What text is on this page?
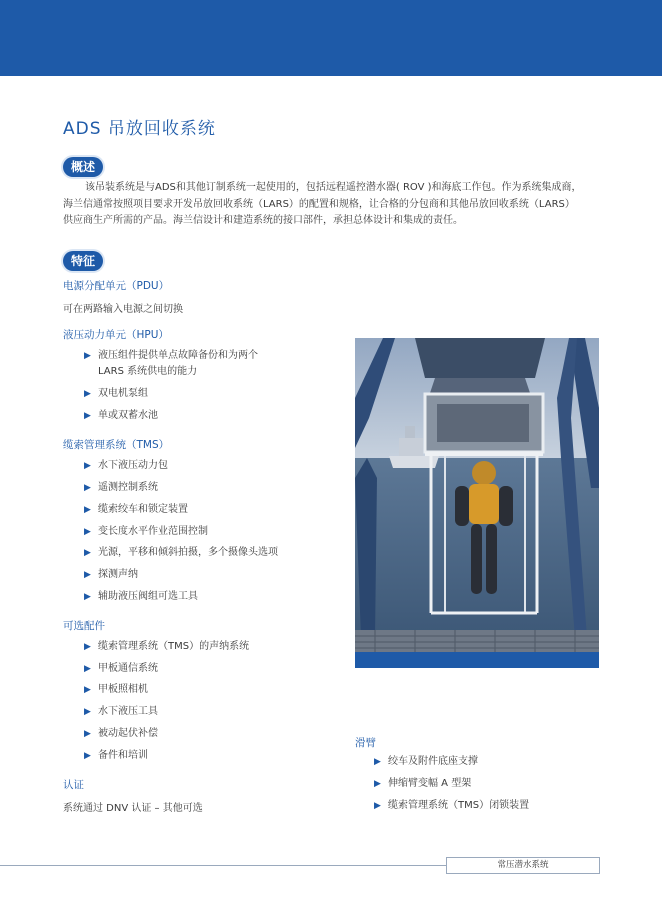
ADS 吊放回收系统
概述
该吊装系统是与ADS和其他订制系统一起使用的，包括远程遥控潜水器( ROV )和海底工作包。作为系统集成商，
海兰信通常按照项目要求开发吊放回收系统（LARS）的配置和规格，让合格的分包商和其他吊放回收系统（LARS）
供应商生产所需的产品。海兰信设计和建造系统的接口部件，承担总体设计和集成的责任。
特征
电源分配单元（PDU）
可在两路输入电源之间切换
液压动力单元（HPU）
▶ 液压组件提供单点故障备份和为两个
LARS 系统供电的能力
▶ 双电机泵组
▶ 单或双蓄水池
缆索管理系统（TMS）
▶ 水下液压动力包
▶ 遥测控制系统
▶ 缆索绞车和锁定装置
▶ 变长度水平作业范围控制
▶ 光源，平移和倾斜拍摄，多个摄像头选项
▶ 探测声纳
▶ 辅助液压阀组可选工具
可选配件
▶ 缆索管理系统（TMS）的声纳系统
▶ 甲板通信系统
▶ 甲板照相机
▶ 水下液压工具
▶ 被动起伏补偿
▶ 备件和培训
认证
系统通过 DNV 认证 – 其他可选
滑臂
▶ 绞车及附件底座支撑
▶ 伸缩臂变幅 A 型架
▶ 缆索管理系统（TMS）闭锁装置
常压潜水系统
